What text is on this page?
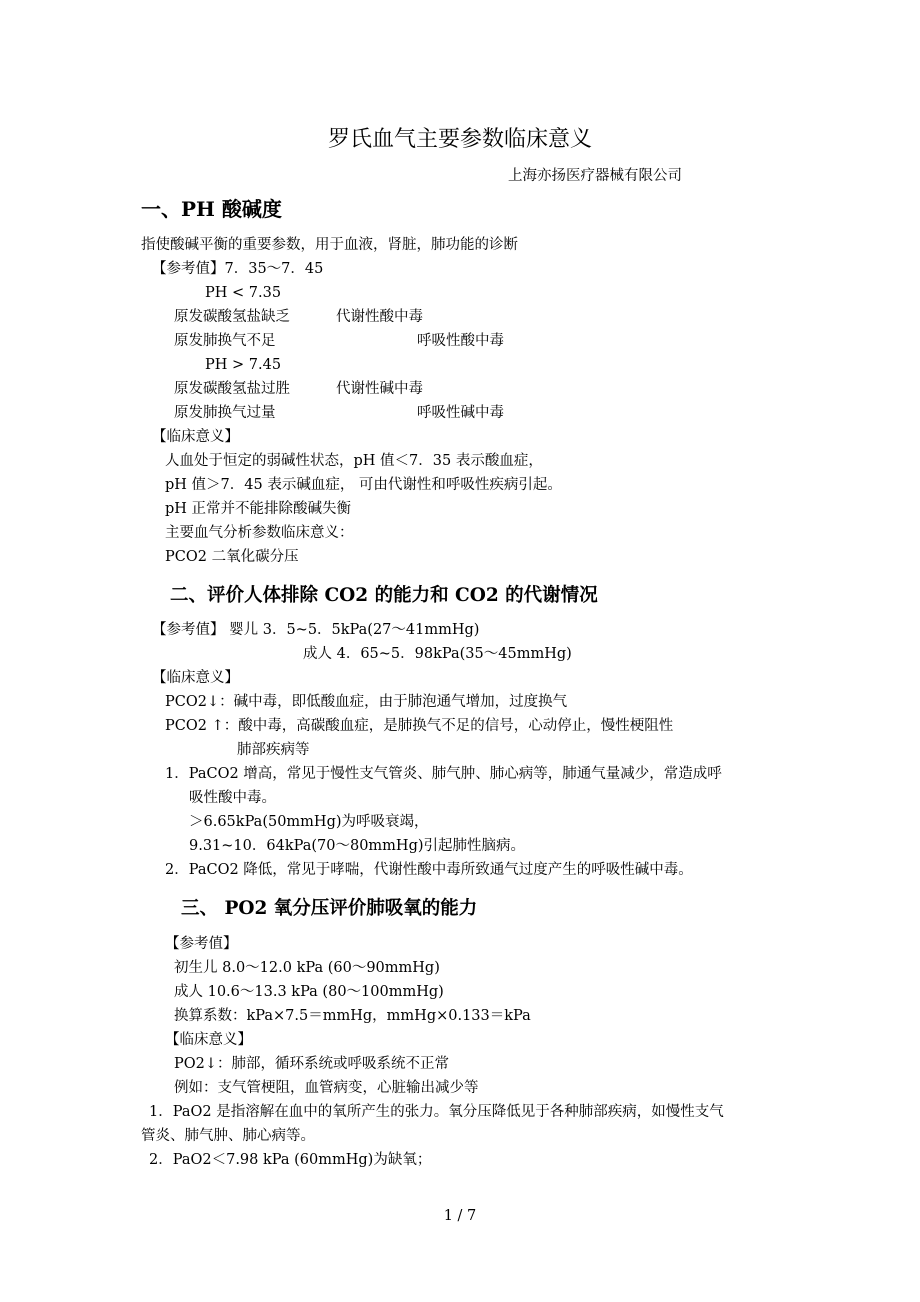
罗氏血气主要参数临床意义
上海亦扬医疗器械有限公司
一、PH 酸碱度
指使酸碱平衡的重要参数，用于血液，肾脏，肺功能的诊断
【参考值】7．35～7．45
PH < 7.35
原发碳酸氢盐缺乏	代谢性酸中毒
原发肺换气不足	呼吸性酸中毒
PH > 7.45
原发碳酸氢盐过胜	代谢性碱中毒
原发肺换气过量	呼吸性碱中毒
【临床意义】
人血处于恒定的弱碱性状态，pH 值＜7．35 表示酸血症，
pH 值＞7．45 表示碱血症， 可由代谢性和呼吸性疾病引起。
pH 正常并不能排除酸碱失衡
主要血气分析参数临床意义：
PCO2 二氧化碳分压
二、评价人体排除 CO2 的能力和 CO2 的代谢情况
【参考值】 婴儿 3．5~5．5kPa(27～41mmHg)
成人 4．65~5．98kPa(35～45mmHg)
【临床意义】
PCO2↓：碱中毒，即低酸血症，由于肺泡通气增加，过度换气
PCO2 ↑：酸中毒，高碳酸血症，是肺换气不足的信号，心动停止，慢性梗阻性
肺部疾病等
1．PaCO2 增高，常见于慢性支气管炎、肺气肿、肺心病等，肺通气量减少，常造成呼
吸性酸中毒。
＞6.65kPa(50mmHg)为呼吸衰竭，
9.31~10．64kPa(70～80mmHg)引起肺性脑病。
2．PaCO2 降低，常见于哮喘，代谢性酸中毒所致通气过度产生的呼吸性碱中毒。
三、 PO2 氧分压评价肺吸氧的能力
【参考值】
初生儿 8.0～12.0 kPa (60～90mmHg)
成人 10.6～13.3 kPa (80～100mmHg)
换算系数：kPa×7.5＝mmHg，mmHg×0.133＝kPa
【临床意义】
PO2↓：肺部，循环系统或呼吸系统不正常
例如：支气管梗阻，血管病变，心脏输出减少等
1．PaO2 是指溶解在血中的氧所产生的张力。氧分压降低见于各种肺部疾病，如慢性支气
管炎、肺气肿、肺心病等。
2．PaO2＜7.98 kPa (60mmHg)为缺氧；
1 / 7
